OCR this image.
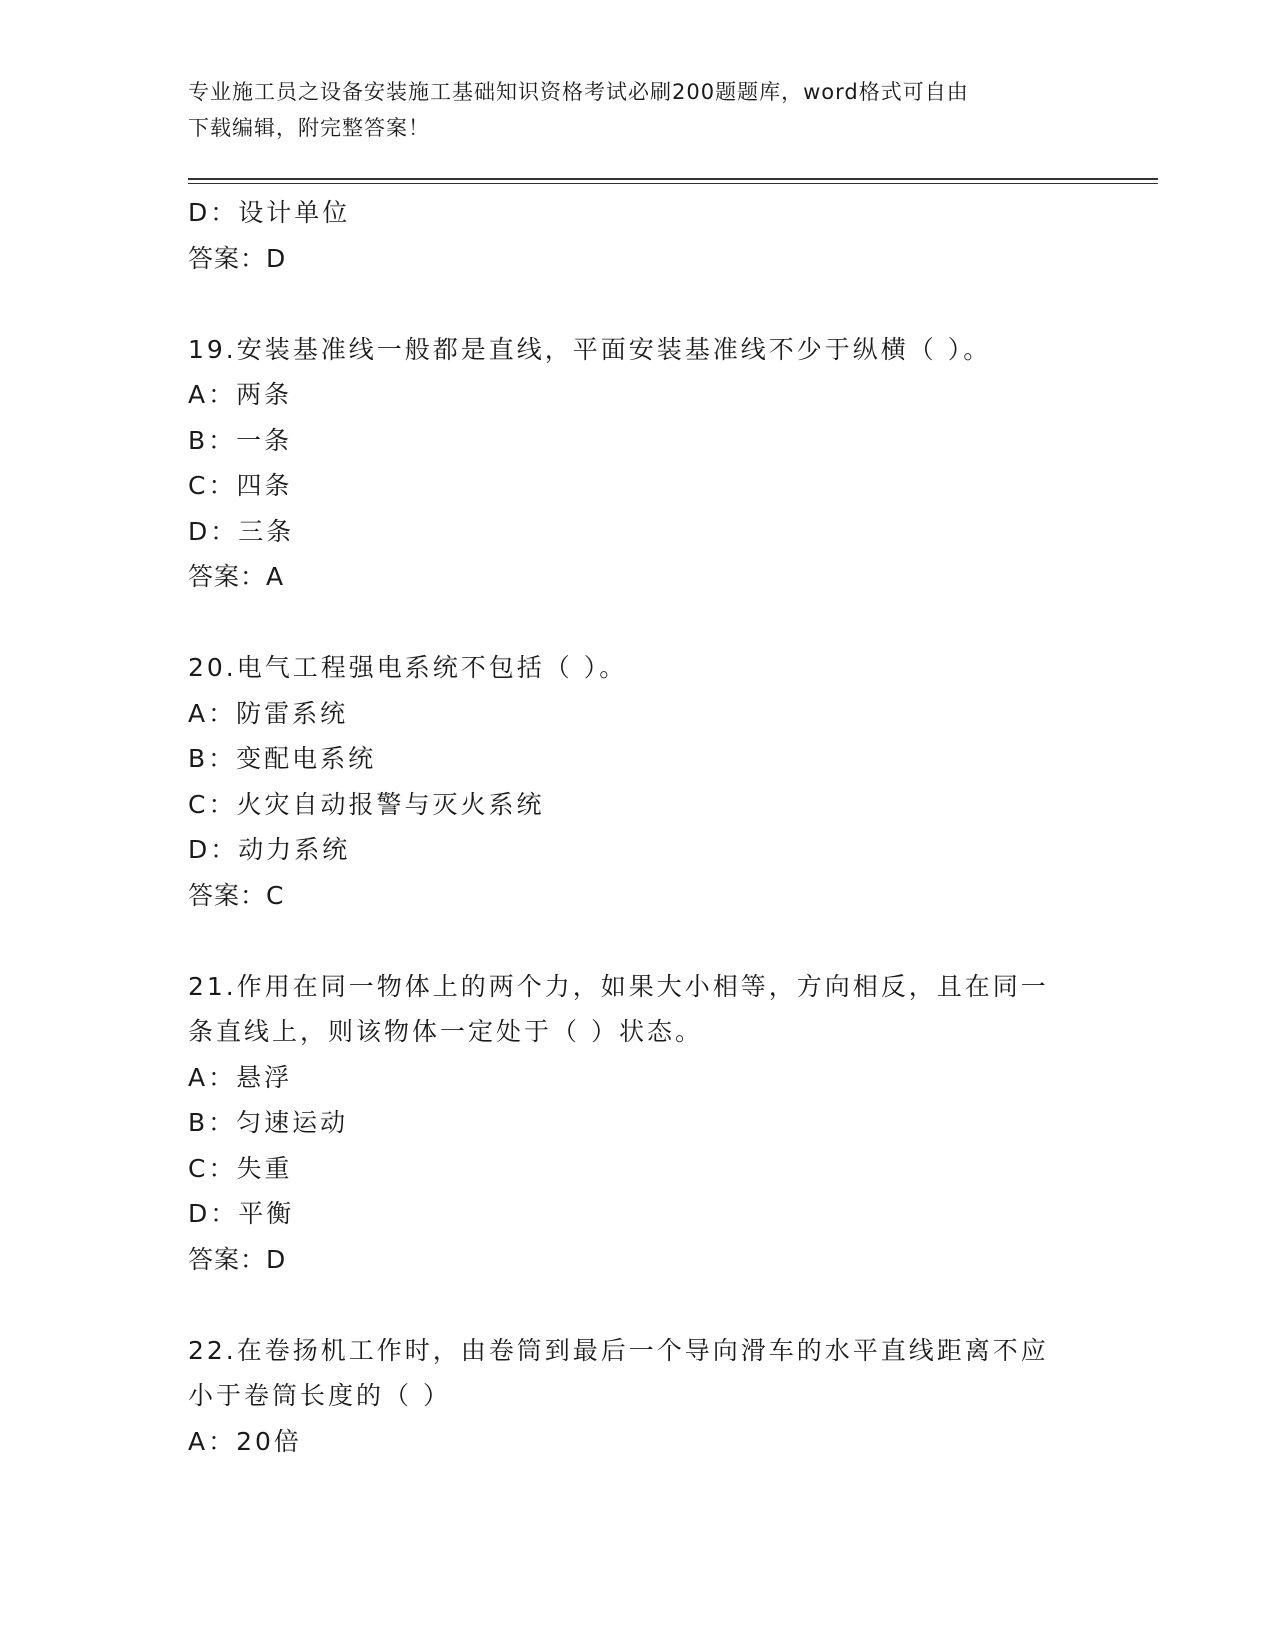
专业施工员之设备安装施工基础知识资格考试必刷200题题库，word格式可自由
下载编辑，附完整答案！
D：设计单位
答案：D
19.安装基准线一般都是直线，平面安装基准线不少于纵横（ ）。
A：两条
B：一条
C：四条
D：三条
答案：A
20.电气工程强电系统不包括（ ）。
A：防雷系统
B：变配电系统
C：火灾自动报警与灭火系统
D：动力系统
答案：C
21.作用在同一物体上的两个力，如果大小相等，方向相反，且在同一
条直线上，则该物体一定处于（ ）状态。
A：悬浮
B：匀速运动
C：失重
D：平衡
答案：D
22.在卷扬机工作时，由卷筒到最后一个导向滑车的水平直线距离不应
小于卷筒长度的（ ）
A：20倍
